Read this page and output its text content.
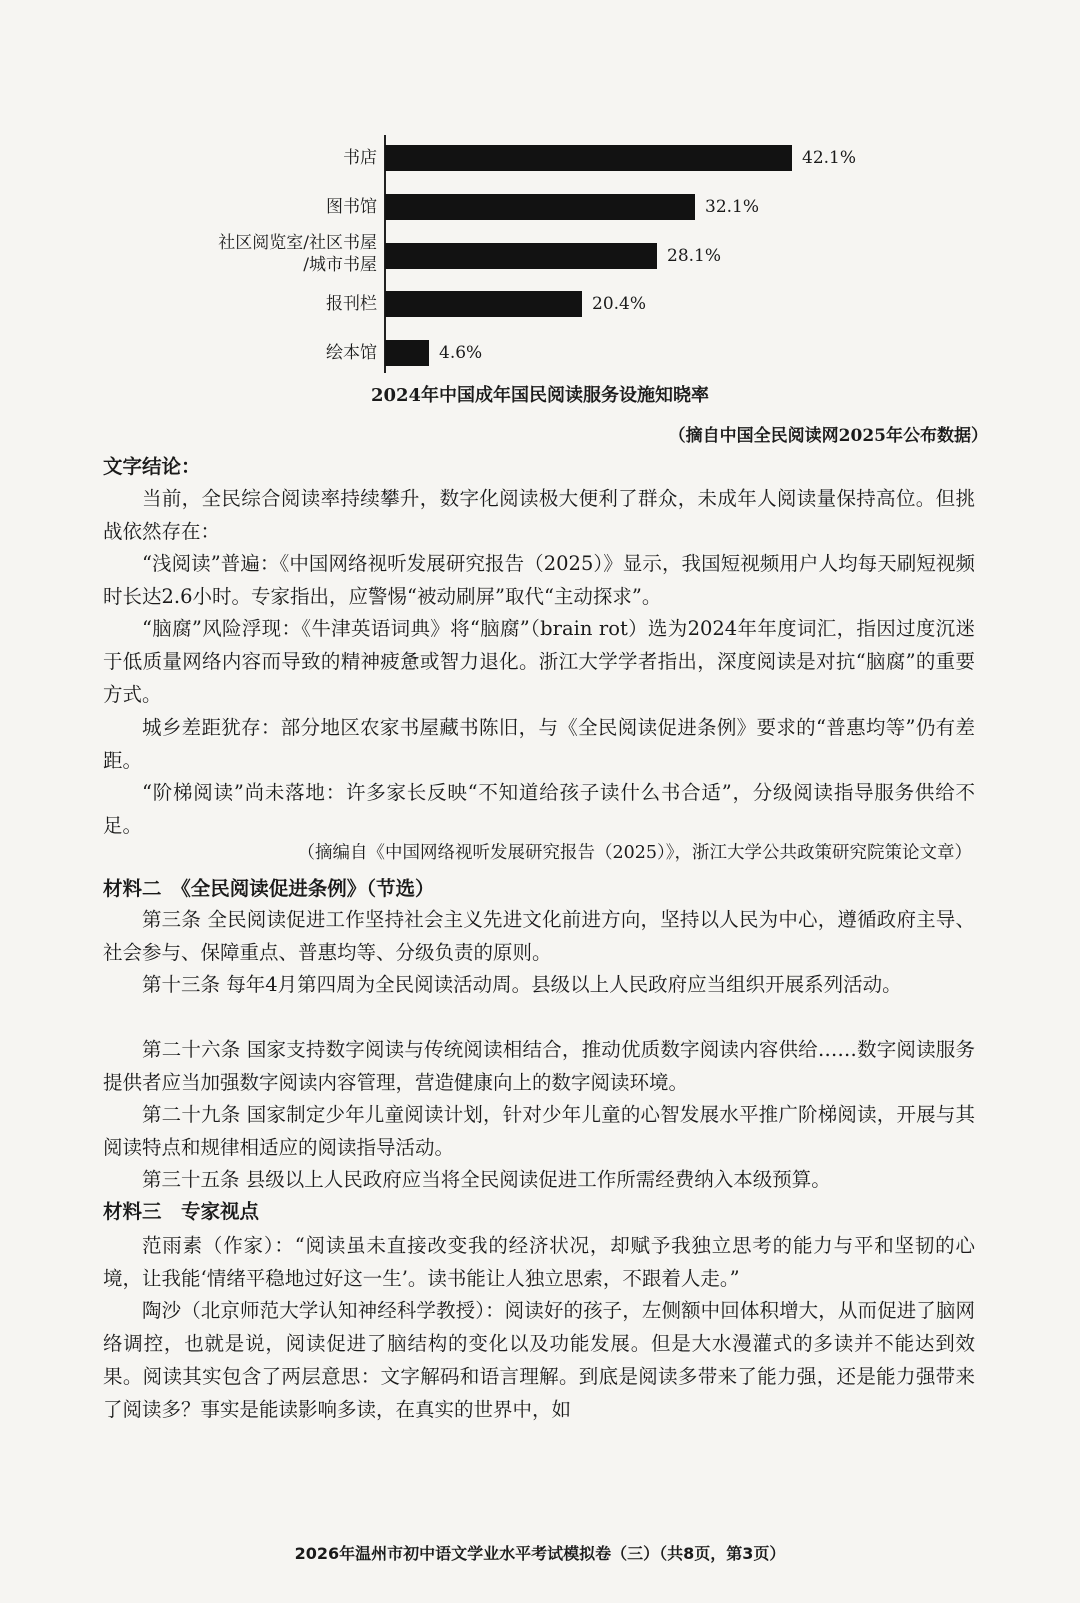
书店	42.1%
图书馆	32.1%
社区阅览室/社区书屋
/城市书屋	28.1%
报刊栏	20.4%
绘本馆	4.6%
2024年中国成年国民阅读服务设施知晓率
（摘自中国全民阅读网2025年公布数据）
文字结论：
当前，全民综合阅读率持续攀升，数字化阅读极大便利了群众，未成年人阅读量保持高位。但挑战依然存在：
“浅阅读”普遍：《中国网络视听发展研究报告（2025）》显示，我国短视频用户人均每天刷短视频时长达2.6小时。专家指出，应警惕“被动刷屏”取代“主动探求”。
“脑腐”风险浮现：《牛津英语词典》将“脑腐”（brain rot）选为2024年年度词汇，指因过度沉迷于低质量网络内容而导致的精神疲惫或智力退化。浙江大学学者指出，深度阅读是对抗“脑腐”的重要方式。
城乡差距犹存：部分地区农家书屋藏书陈旧，与《全民阅读促进条例》要求的“普惠均等”仍有差距。
“阶梯阅读”尚未落地：许多家长反映“不知道给孩子读什么书合适”，分级阅读指导服务供给不足。
（摘编自《中国网络视听发展研究报告（2025）》，浙江大学公共政策研究院策论文章）
材料二　《全民阅读促进条例》（节选）
第三条 全民阅读促进工作坚持社会主义先进文化前进方向，坚持以人民为中心，遵循政府主导、社会参与、保障重点、普惠均等、分级负责的原则。
第十三条 每年4月第四周为全民阅读活动周。县级以上人民政府应当组织开展系列活动。
第二十六条 国家支持数字阅读与传统阅读相结合，推动优质数字阅读内容供给……数字阅读服务提供者应当加强数字阅读内容管理，营造健康向上的数字阅读环境。
第二十九条 国家制定少年儿童阅读计划，针对少年儿童的心智发展水平推广阶梯阅读，开展与其阅读特点和规律相适应的阅读指导活动。
第三十五条 县级以上人民政府应当将全民阅读促进工作所需经费纳入本级预算。
材料三　专家视点
范雨素（作家）：“阅读虽未直接改变我的经济状况，却赋予我独立思考的能力与平和坚韧的心境，让我能‘情绪平稳地过好这一生’。读书能让人独立思索，不跟着人走。”
陶沙（北京师范大学认知神经科学教授）：阅读好的孩子，左侧额中回体积增大，从而促进了脑网络调控，也就是说，阅读促进了脑结构的变化以及功能发展。但是大水漫灌式的多读并不能达到效果。阅读其实包含了两层意思：文字解码和语言理解。到底是阅读多带来了能力强，还是能力强带来了阅读多？事实是能读影响多读，在真实的世界中，如
2026年温州市初中语文学业水平考试模拟卷（三）（共8页，第3页）
